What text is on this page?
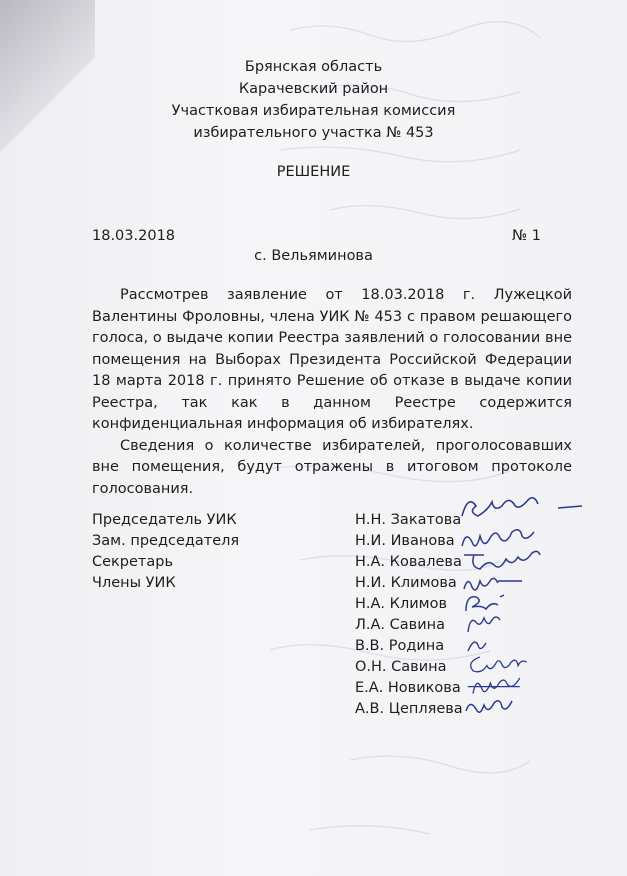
Брянская область
Карачевский район
Участковая избирательная комиссия
избирательного участка № 453
РЕШЕНИЕ
18.03.2018	№ 1
с. Вельяминова

Рассмотрев заявление от 18.03.2018 г. Лужецкой Валентины Фроловны, члена УИК № 453 с правом решающего голоса, о выдаче копии Реестра заявлений о голосовании вне помещения на Выборах Президента Российской Федерации 18 марта 2018 г. принято Решение об отказе в выдаче копии Реестра, так как в данном Реестре содержится конфиденциальная информация об избирателях.

Сведения о количестве избирателей, проголосовавших вне помещения, будут отражены в итоговом протоколе голосования.

Председатель УИК
Зам. председателя
Секретарь
Члены УИК
Н.Н. Закатова
Н.И. Иванова
Н.А. Ковалева
Н.И. Климова
Н.А. Климов
Л.А. Савина
В.В. Родина
О.Н. Савина
Е.А. Новикова
А.В. Цепляева
